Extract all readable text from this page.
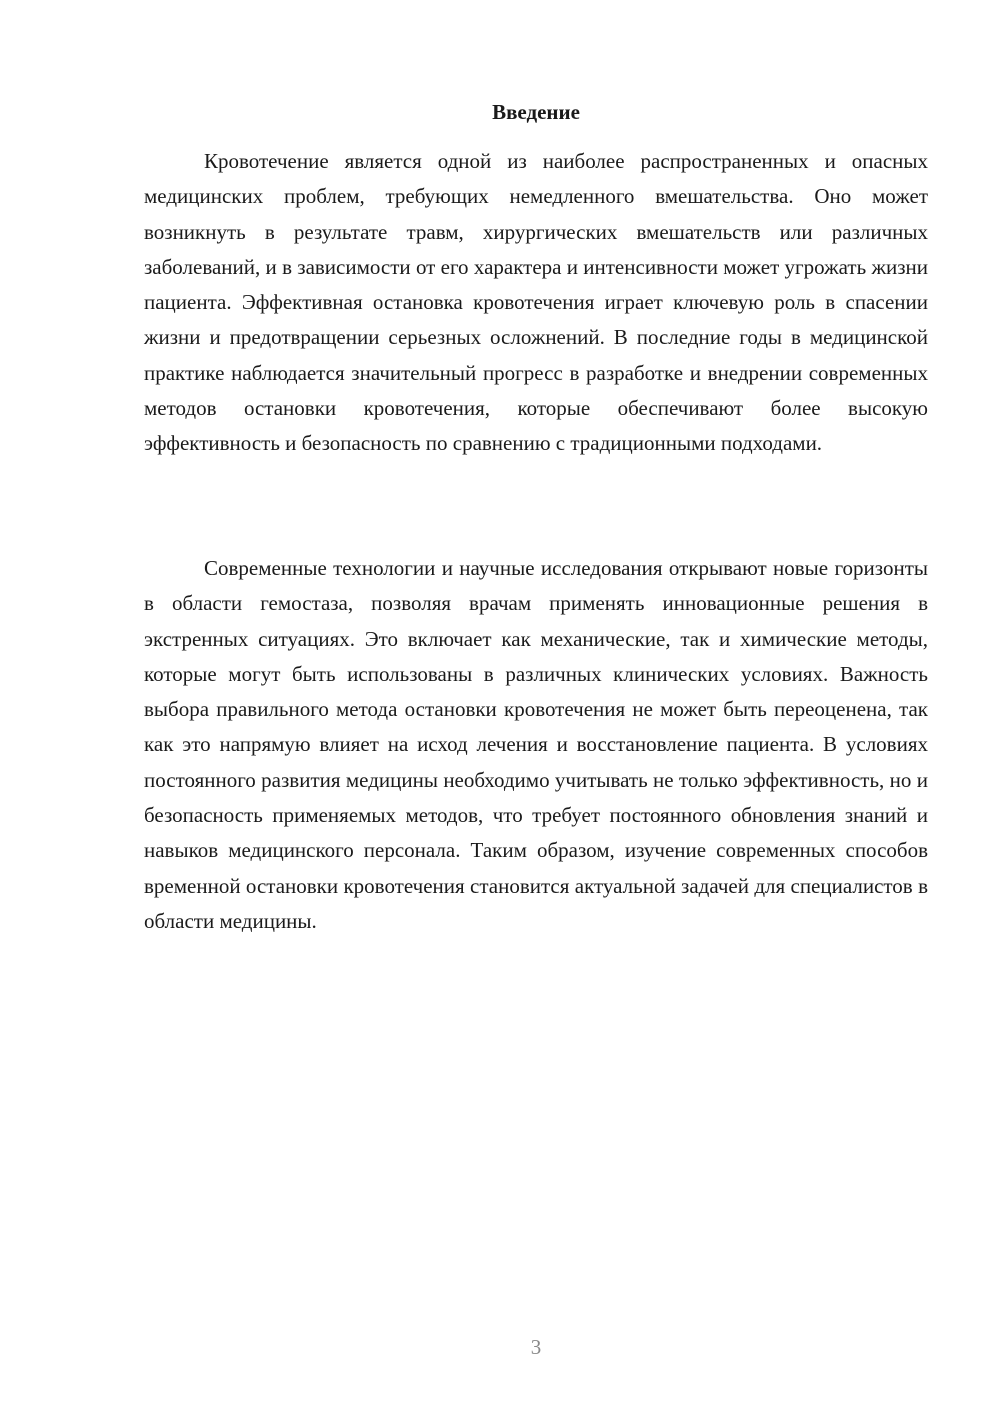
Введение

Кровотечение является одной из наиболее распространенных и опасных медицинских проблем, требующих немедленного вмешательства. Оно может возникнуть в результате травм, хирургических вмешательств или различных заболеваний, и в зависимости от его характера и интенсивности может угрожать жизни пациента. Эффективная остановка кровотечения играет ключевую роль в спасении жизни и предотвращении серьезных осложнений. В последние годы в медицинской практике наблюдается значительный прогресс в разработке и внедрении современных методов остановки кровотечения, которые обеспечивают более высокую эффективность и безопасность по сравнению с традиционными подходами.

Современные технологии и научные исследования открывают новые горизонты в области гемостаза, позволяя врачам применять инновационные решения в экстренных ситуациях. Это включает как механические, так и химические методы, которые могут быть использованы в различных клинических условиях. Важность выбора правильного метода остановки кровотечения не может быть переоценена, так как это напрямую влияет на исход лечения и восстановление пациента. В условиях постоянного развития медицины необходимо учитывать не только эффективность, но и безопасность применяемых методов, что требует постоянного обновления знаний и навыков медицинского персонала. Таким образом, изучение современных способов временной остановки кровотечения становится актуальной задачей для специалистов в области медицины.

3
